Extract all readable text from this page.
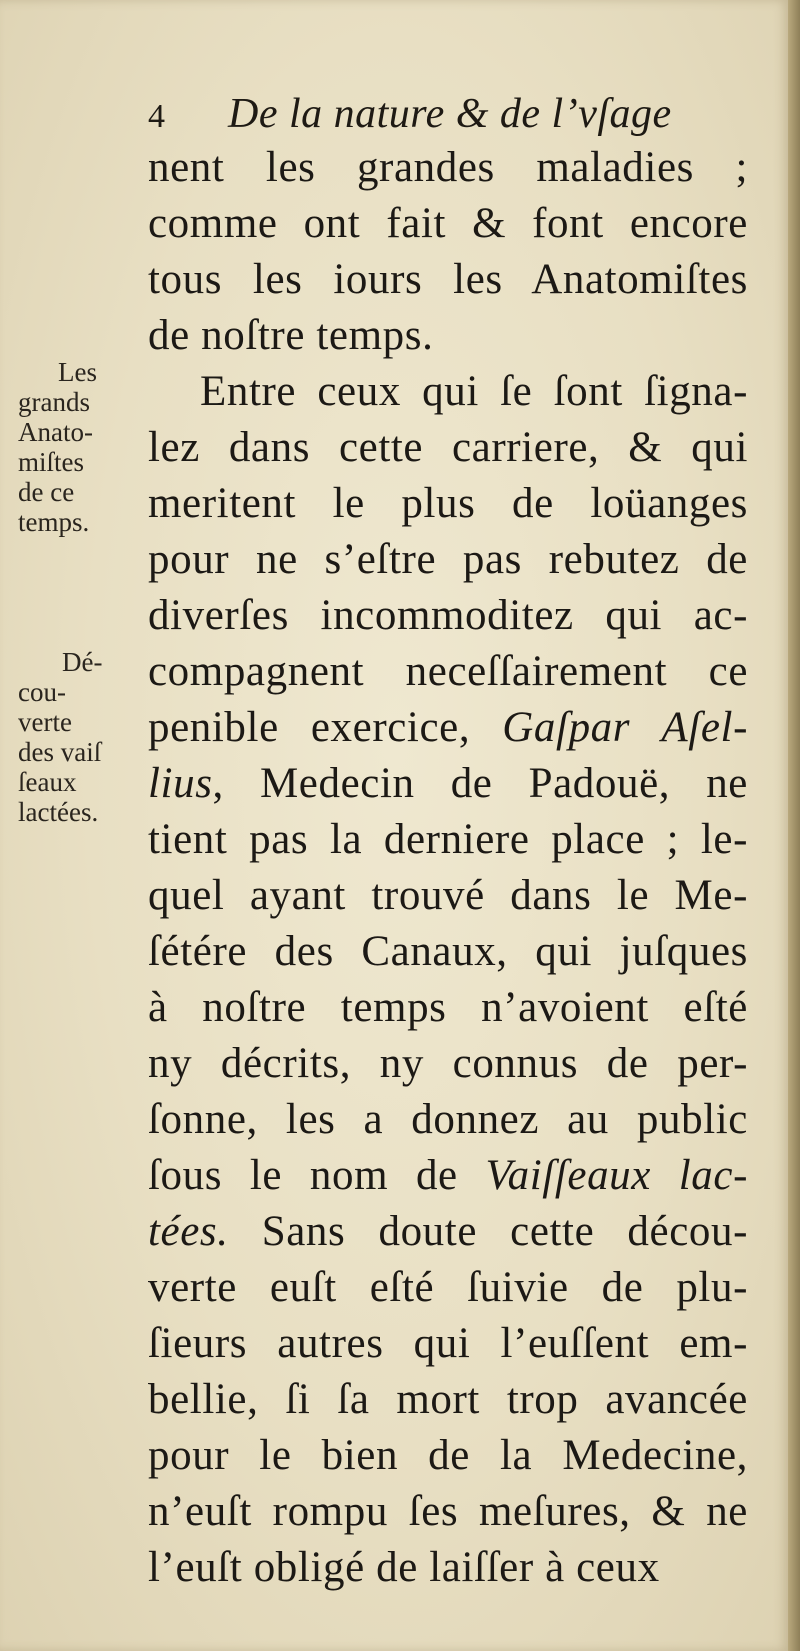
4 De la nature & de l’vſage
Les
grands
Anato-
miſtes
de ce
temps.
Dé-
cou-
verte
des vaiſ
ſeaux
lactées.
nent les grandes maladies ;
comme ont fait & font encore
tous les iours les Anatomiſtes
de noſtre temps.
Entre ceux qui ſe ſont ſigna-
lez dans cette carriere, & qui
meritent le plus de loüanges
pour ne s’eſtre pas rebutez de
diverſes incommoditez qui ac-
compagnent neceſſairement ce
penible exercice, Gaſpar Aſel-
lius, Medecin de Padouë, ne
tient pas la derniere place ; le-
quel ayant trouvé dans le Me-
ſétére des Canaux, qui juſques
à noſtre temps n’avoient eſté
ny décrits, ny connus de per-
ſonne, les a donnez au public
ſous le nom de Vaiſſeaux lac-
tées. Sans doute cette décou-
verte euſt eſté ſuivie de plu-
ſieurs autres qui l’euſſent em-
bellie, ſi ſa mort trop avancée
pour le bien de la Medecine,
n’euſt rompu ſes meſures, & ne
l’euſt obligé de laiſſer à ceux
